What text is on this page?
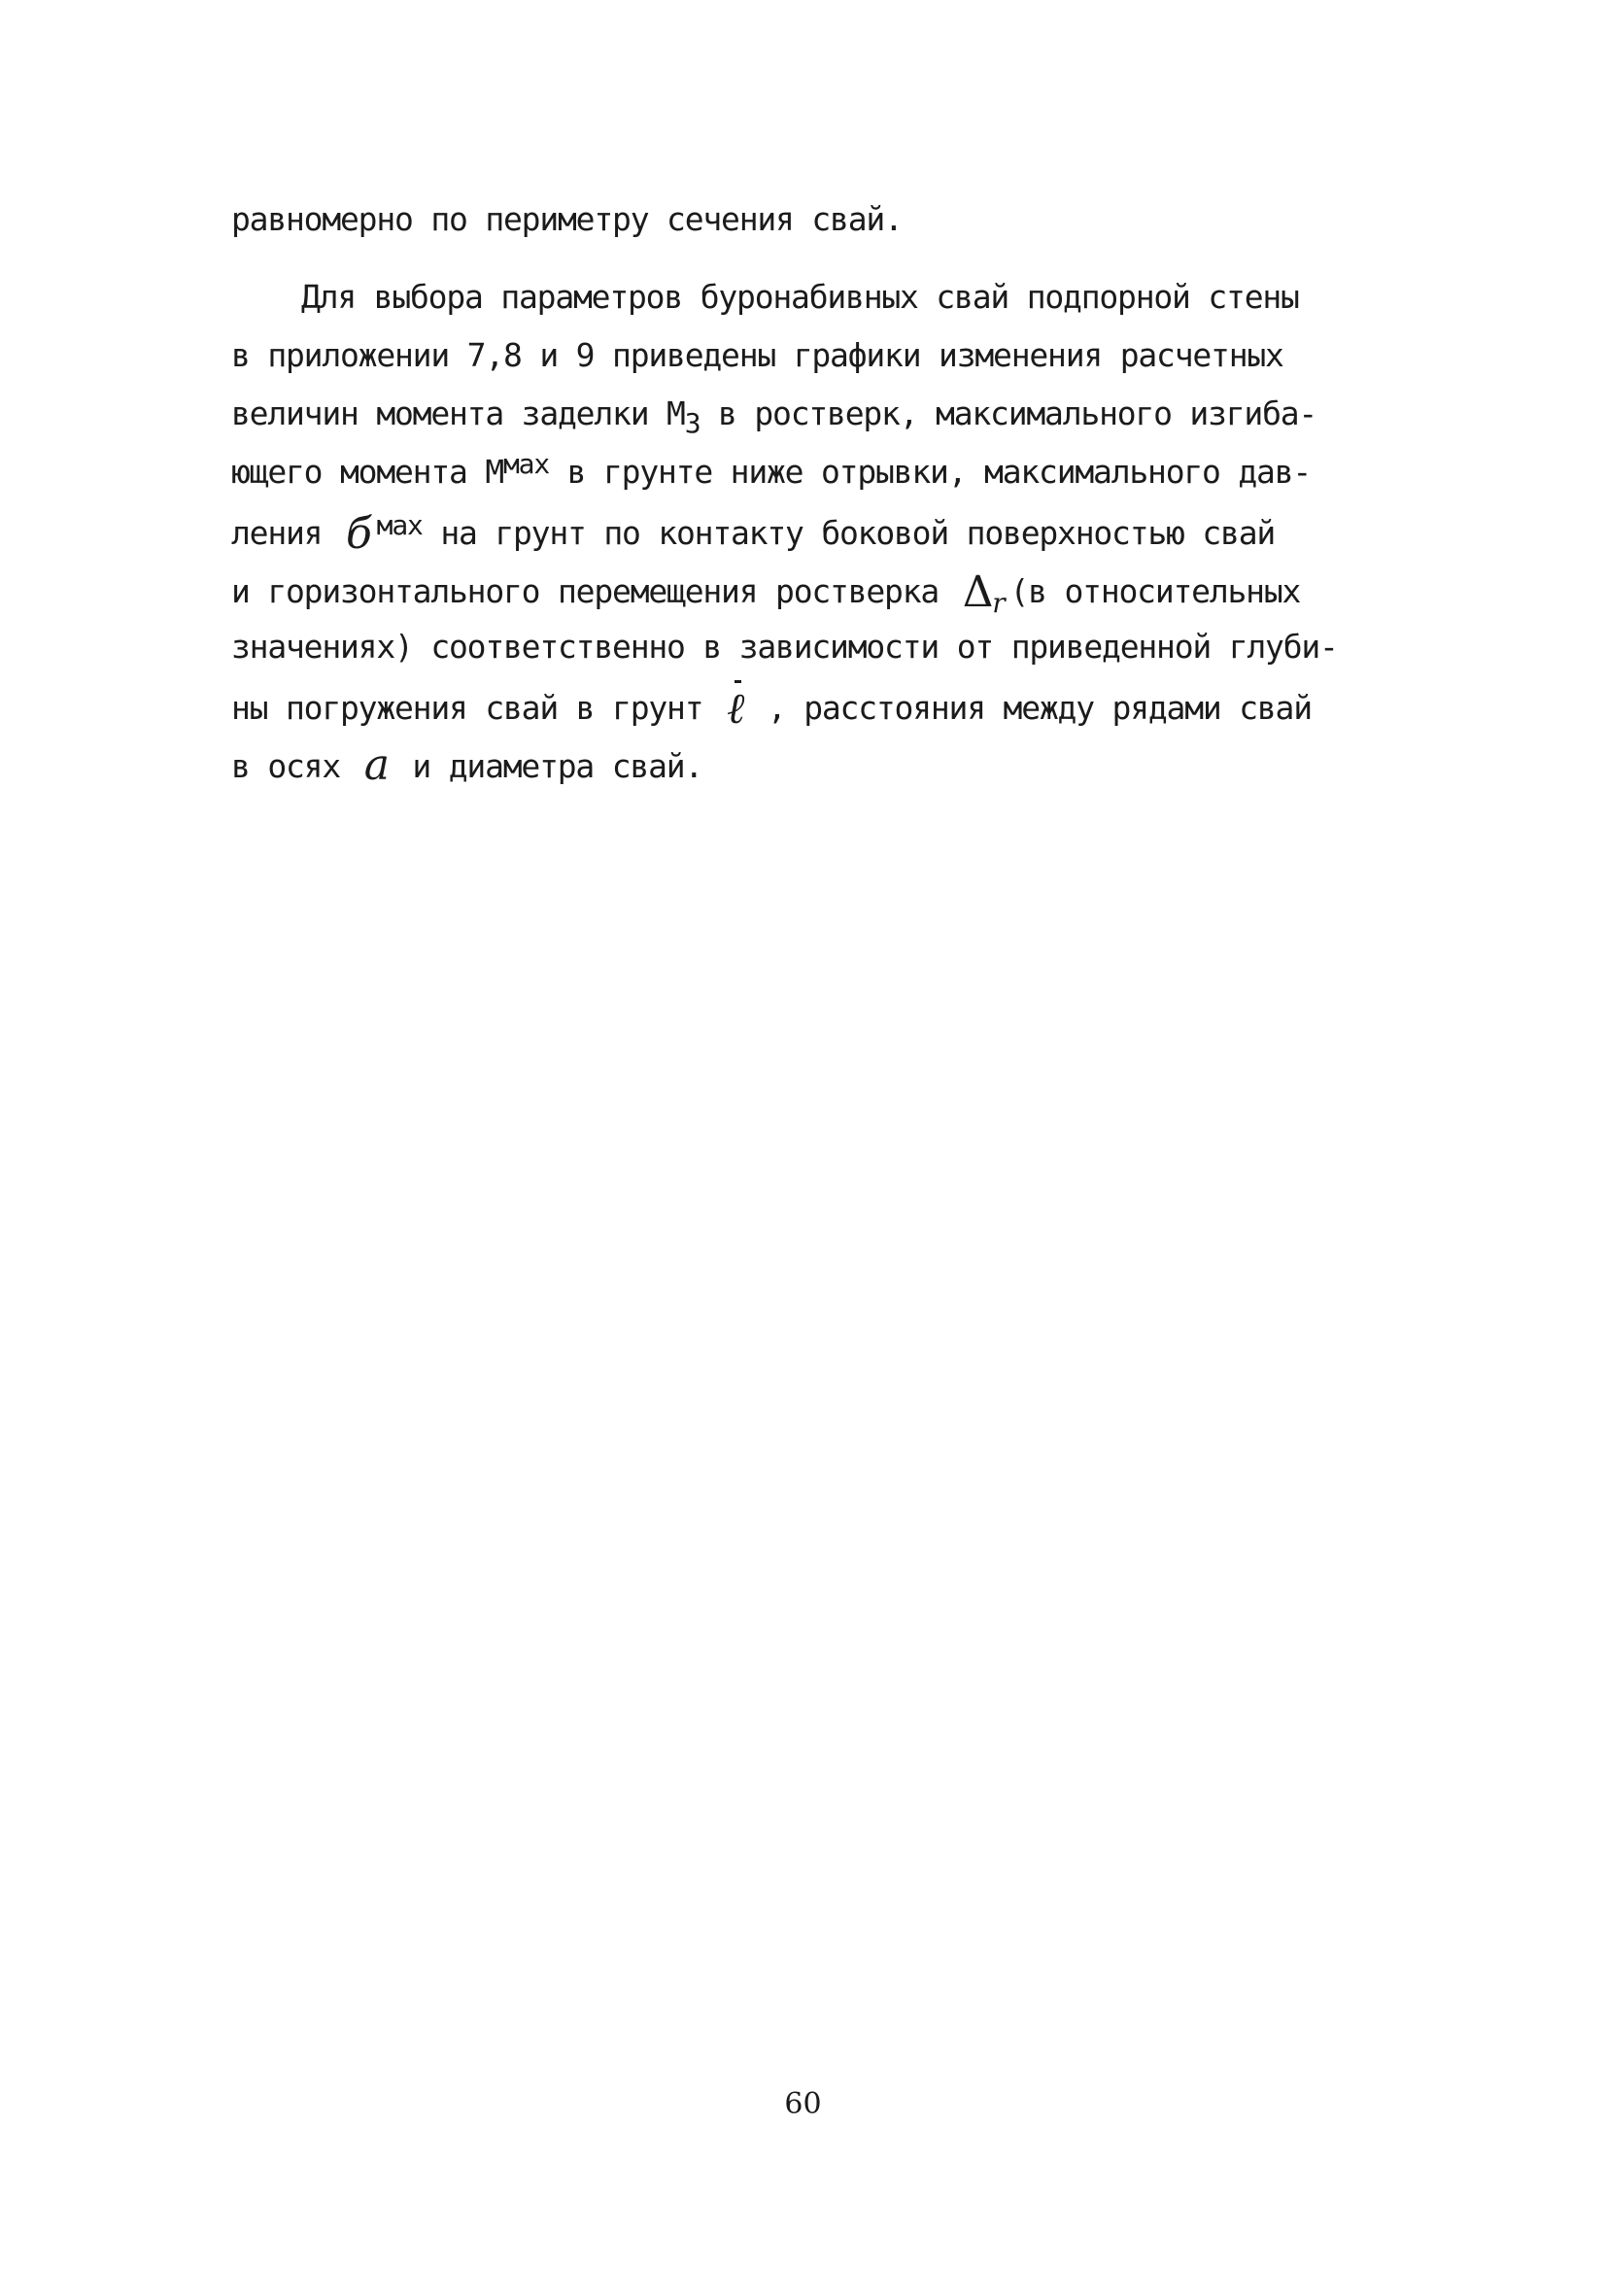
равномерно по периметру сечения свай.
Для выбора параметров буронабивных свай подпорной стены
в приложении 7,8 и 9 приведены графики изменения расчетных
величин момента заделки $М_3$ в ростверк, максимального изгиба-
ющего момента $М^{мах}$ в грунте ниже отрывки, максимального дав-
ления б $^{мах}$ на грунт по контакту боковой поверхностью свай
и горизонтального перемещения ростверка $\Delta_r$ (в относительных
значениях) соответственно в зависимости от приведенной глуби-
ны погружения свай в грунт ℓ , расстояния между рядами свай
в осях a и диаметра свай.
60
